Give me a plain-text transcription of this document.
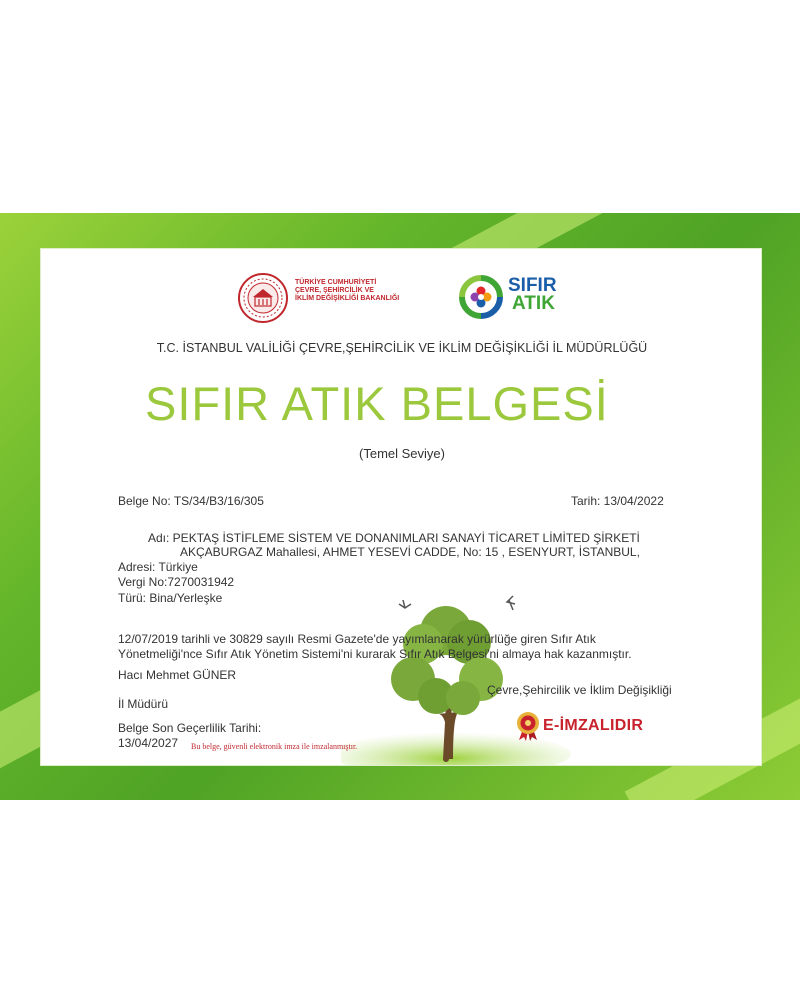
TÜRKİYE CUMHURİYETİ
ÇEVRE, ŞEHİRCİLİK VE
İKLİM DEĞİŞİKLİĞİ BAKANLIĞI
SIFIR
ATIK
T.C. İSTANBUL VALİLİĞİ ÇEVRE,ŞEHİRCİLİK VE İKLİM DEĞİŞİKLİĞİ İL MÜDÜRLÜĞÜ
SIFIR ATIK BELGESİ
(Temel Seviye)
Belge No: TS/34/B3/16/305	Tarih: 13/04/2022
Adı: PEKTAŞ İSTİFLEME SİSTEM VE DONANIMLARI SANAYİ TİCARET LİMİTED ŞİRKETİ
AKÇABURGAZ Mahallesi, AHMET YESEVİ CADDE, No: 15 , ESENYURT, İSTANBUL,
Adresi: Türkiye
Vergi No:7270031942
Türü: Bina/Yerleşke
12/07/2019 tarihli ve 30829 sayılı Resmi Gazete'de yayımlanarak yürürlüğe giren Sıfır Atık
Yönetmeliği'nce Sıfır Atık Yönetim Sistemi'ni kurarak Sıfır Atık Belgesi'ni almaya hak kazanmıştır.
Hacı Mehmet GÜNER
Çevre,Şehircilik ve İklim Değişikliği
İl Müdürü
Belge Son Geçerlilik Tarihi:
13/04/2027 Bu belge, güvenli elektronik imza ile imzalanmıştır.
E-İMZALIDIR
